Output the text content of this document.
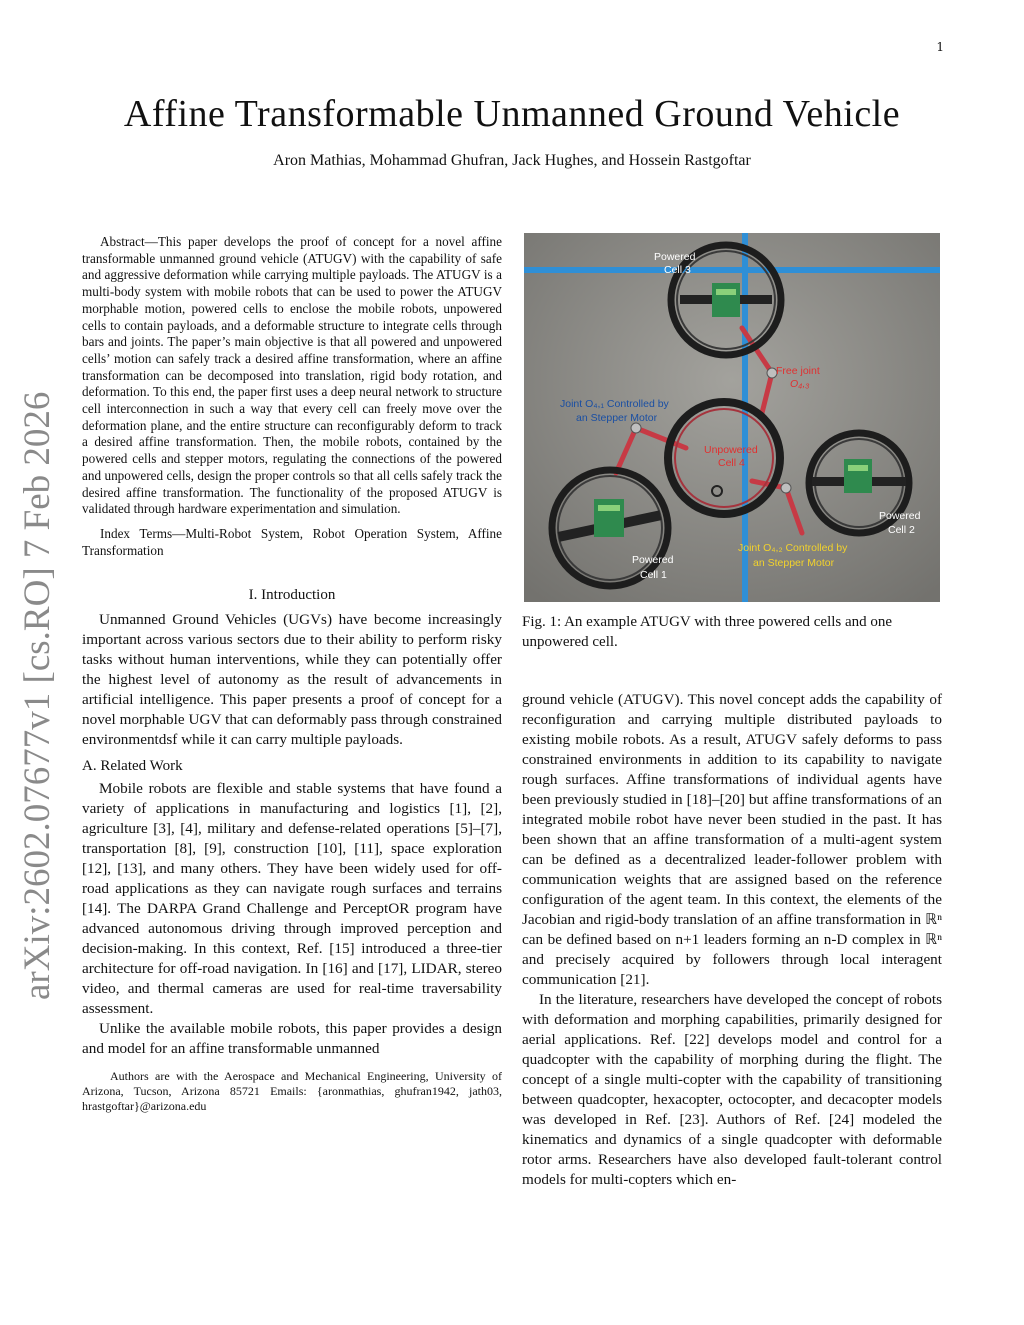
1
arXiv:2602.07677v1 [cs.RO] 7 Feb 2026
Affine Transformable Unmanned Ground Vehicle
Aron Mathias, Mohammad Ghufran, Jack Hughes, and Hossein Rastgoftar

Abstract—This paper develops the proof of concept for a novel affine transformable unmanned ground vehicle (ATUGV) with the capability of safe and aggressive deformation while carrying multiple payloads. The ATUGV is a multi-body system with mobile robots that can be used to power the ATUGV morphable motion, powered cells to enclose the mobile robots, unpowered cells to contain payloads, and a deformable structure to integrate cells through bars and joints. The paper’s main objective is that all powered and unpowered cells’ motion can safely track a desired affine transformation, where an affine transformation can be decomposed into translation, rigid body rotation, and deformation. To this end, the paper first uses a deep neural network to structure cell interconnection in such a way that every cell can freely move over the deformation plane, and the entire structure can reconfigurably deform to track a desired affine transformation. Then, the mobile robots, contained by the powered cells and stepper motors, regulating the connections of the powered and unpowered cells, design the proper controls so that all cells safely track the desired affine transformation. The functionality of the proposed ATUGV is validated through hardware experimentation and simulation.

Index Terms—Multi-Robot System, Robot Operation System, Affine Transformation

I. Introduction

Unmanned Ground Vehicles (UGVs) have become increasingly important across various sectors due to their ability to perform risky tasks without human interventions, while they can potentially offer the highest level of autonomy as the result of advancements in artificial intelligence. This paper presents a proof of concept for a novel morphable UGV that can deformably pass through constrained environmentdsf while it can carry multiple payloads.

A. Related Work

Mobile robots are flexible and stable systems that have found a variety of applications in manufacturing and logistics [1], [2], agriculture [3], [4], military and defense-related operations [5]–[7], transportation [8], [9], construction [10], [11], space exploration [12], [13], and many others. They have been widely used for off-road applications as they can navigate rough surfaces and terrains [14]. The DARPA Grand Challenge and PerceptOR program have advanced autonomous driving through improved perception and decision-making. In this context, Ref. [15] introduced a three-tier architecture for off-road navigation. In [16] and [17], LIDAR, stereo video, and thermal cameras are used for real-time traversability assessment.

Unlike the available mobile robots, this paper provides a design and model for an affine transformable unmanned

Authors are with the Aerospace and Mechanical Engineering, University of Arizona, Tucson, Arizona 85721 Emails: {aronmathias, ghufran1942, jath03, hrastgoftar}@arizona.edu

Powered
Cell 3
Free joint
O₄,₃
Joint O₄,₁ Controlled by
an Stepper Motor
Unpowered
Cell 4
Powered
Cell 2
Joint O₄,₂ Controlled by
an Stepper Motor
Powered
Cell 1

Fig. 1: An example ATUGV with three powered cells and one unpowered cell.

ground vehicle (ATUGV). This novel concept adds the capability of reconfiguration and carrying multiple distributed payloads to existing mobile robots. As a result, ATUGV safely deforms to pass constrained environments in addition to its capability to navigate rough surfaces. Affine transformations of individual agents have been previously studied in [18]–[20] but affine transformations of an integrated mobile robot have never been studied in the past. It has been shown that an affine transformation of a multi-agent system can be defined as a decentralized leader-follower problem with communication weights that are assigned based on the reference configuration of the agent team. In this context, the elements of the Jacobian and rigid-body translation of an affine transformation in ℝⁿ can be defined based on n+1 leaders forming an n-D complex in ℝⁿ and precisely acquired by followers through local interagent communication [21].

In the literature, researchers have developed the concept of robots with deformation and morphing capabilities, primarily designed for aerial applications. Ref. [22] develops model and control for a quadcopter with the capability of morphing during the flight. The concept of a single multi-copter with the capability of transitioning between quadcopter, hexacopter, octocopter, and decacopter models was developed in Ref. [23]. Authors of Ref. [24] modeled the kinematics and dynamics of a single quadcopter with deformable rotor arms. Researchers have also developed fault-tolerant control models for multi-copters which en-
